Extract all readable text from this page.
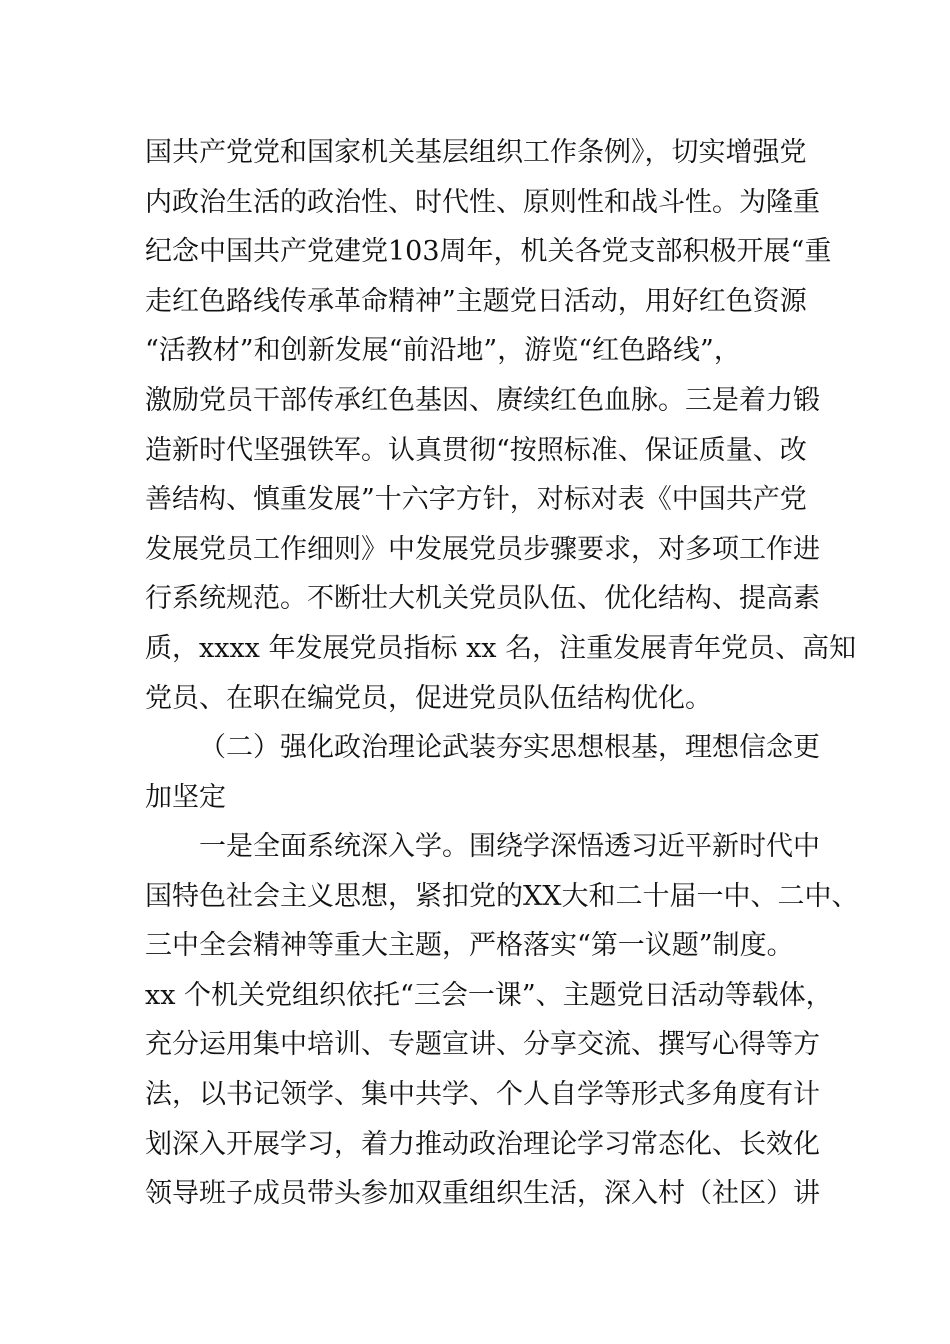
国共产党党和国家机关基层组织工作条例》，切实增强党
内政治生活的政治性、时代性、原则性和战斗性。为隆重
纪念中国共产党建党103周年，机关各党支部积极开展“重
走红色路线传承革命精神”主题党日活动，用好红色资源
“活教材”和创新发展“前沿地”，游览“红色路线”，
激励党员干部传承红色基因、赓续红色血脉。三是着力锻
造新时代坚强铁军。认真贯彻“按照标准、保证质量、改
善结构、慎重发展”十六字方针，对标对表《中国共产党
发展党员工作细则》中发展党员步骤要求，对多项工作进
行系统规范。不断壮大机关党员队伍、优化结构、提高素
质，xxxx 年发展党员指标 xx 名，注重发展青年党员、高知
党员、在职在编党员，促进党员队伍结构优化。
（二）强化政治理论武装夯实思想根基，理想信念更
加坚定
一是全面系统深入学。围绕学深悟透习近平新时代中
国特色社会主义思想，紧扣党的XX大和二十届一中、二中、
三中全会精神等重大主题，严格落实“第一议题”制度。
xx 个机关党组织依托“三会一课”、主题党日活动等载体，
充分运用集中培训、专题宣讲、分享交流、撰写心得等方
法，以书记领学、集中共学、个人自学等形式多角度有计
划深入开展学习，着力推动政治理论学习常态化、长效化
领导班子成员带头参加双重组织生活，深入村（社区）讲
